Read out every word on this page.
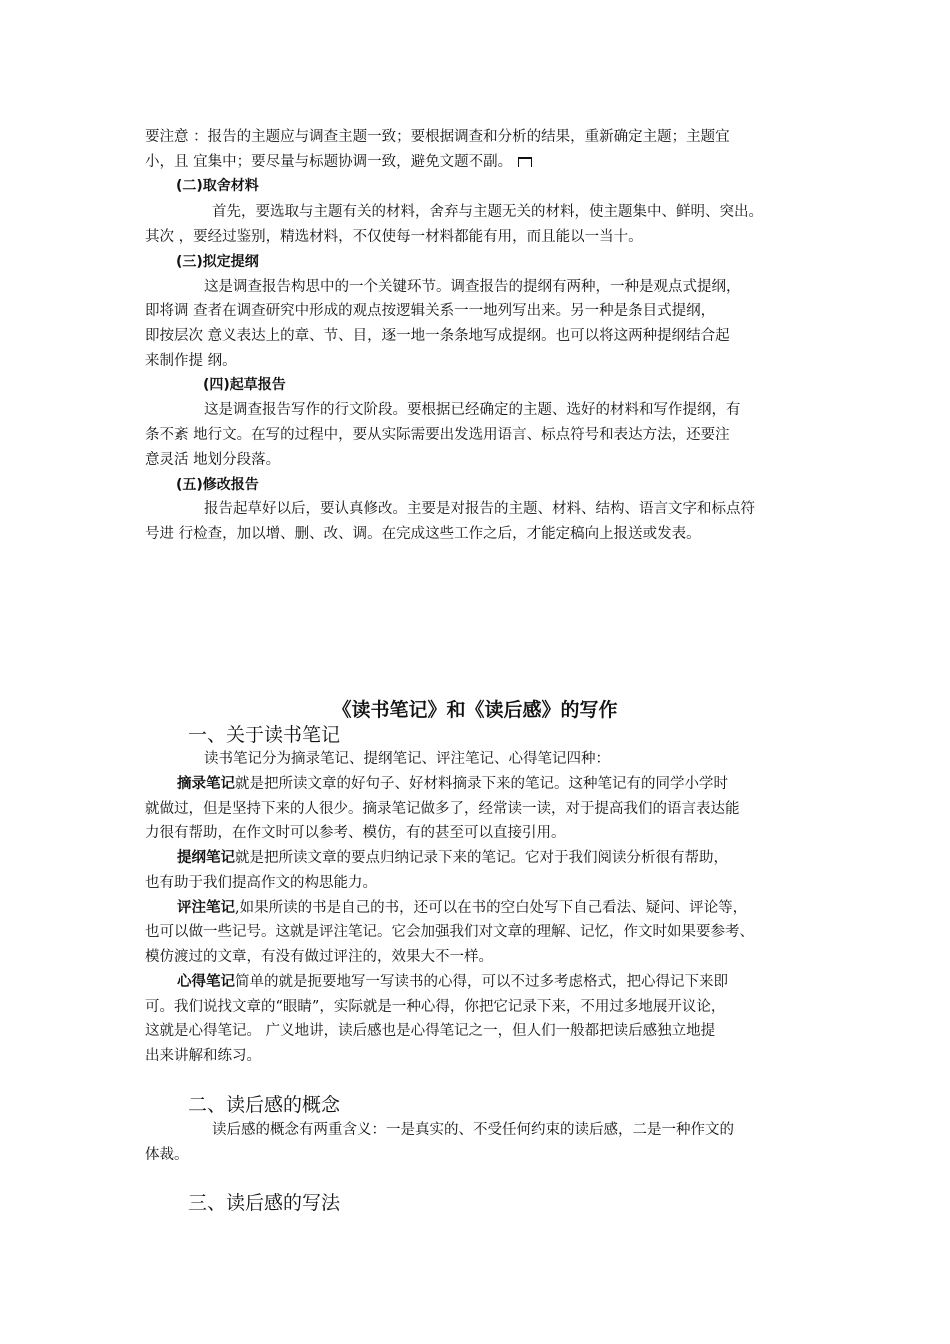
要注意 ：报告的主题应与调查主题一致；要根据调查和分析的结果，重新确定主题；主题宜
小，且 宜集中；要尽量与标题协调一致，避免文题不副。
(二)取舍材料
首先，要选取与主题有关的材料，舍弃与主题无关的材料，使主题集中、鲜明、突出。
其次 ，要经过鉴别，精选材料，不仅使每一材料都能有用，而且能以一当十。
(三)拟定提纲
这是调查报告构思中的一个关键环节。调查报告的提纲有两种，一种是观点式提纲，
即将调 查者在调查研究中形成的观点按逻辑关系一一地列写出来。另一种是条目式提纲，
即按层次 意义表达上的章、节、目，逐一地一条条地写成提纲。也可以将这两种提纲结合起
来制作提 纲。
(四)起草报告
这是调查报告写作的行文阶段。要根据已经确定的主题、选好的材料和写作提纲，有
条不紊 地行文。在写的过程中，要从实际需要出发选用语言、标点符号和表达方法，还要注
意灵活 地划分段落。
(五)修改报告
报告起草好以后，要认真修改。主要是对报告的主题、材料、结构、语言文字和标点符
号进 行检查，加以增、删、改、调。在完成这些工作之后，才能定稿向上报送或发表。
《读书笔记》和《读后感》的写作
一、关于读书笔记
读书笔记分为摘录笔记、提纲笔记、评注笔记、心得笔记四种：
摘录笔记就是把所读文章的好句子、好材料摘录下来的笔记。这种笔记有的同学小学时
就做过，但是坚持下来的人很少。摘录笔记做多了，经常读一读，对于提高我们的语言表达能
力很有帮助，在作文时可以参考、模仿，有的甚至可以直接引用。
提纲笔记就是把所读文章的要点归纳记录下来的笔记。它对于我们阅读分析很有帮助，
也有助于我们提高作文的构思能力。
评注笔记,如果所读的书是自己的书，还可以在书的空白处写下自己看法、疑问、评论等，
也可以做一些记号。这就是评注笔记。它会加强我们对文章的理解、记忆，作文时如果要参考、
模仿渡过的文章，有没有做过评注的，效果大不一样。
心得笔记简单的就是扼要地写一写读书的心得，可以不过多考虑格式，把心得记下来即
可。我们说找文章的“眼睛”，实际就是一种心得，你把它记录下来，不用过多地展开议论，
这就是心得笔记。 广义地讲，读后感也是心得笔记之一，但人们一般都把读后感独立地提
出来讲解和练习。
二、读后感的概念
读后感的概念有两重含义：一是真实的、不受任何约束的读后感，二是一种作文的
体裁。
三、读后感的写法
